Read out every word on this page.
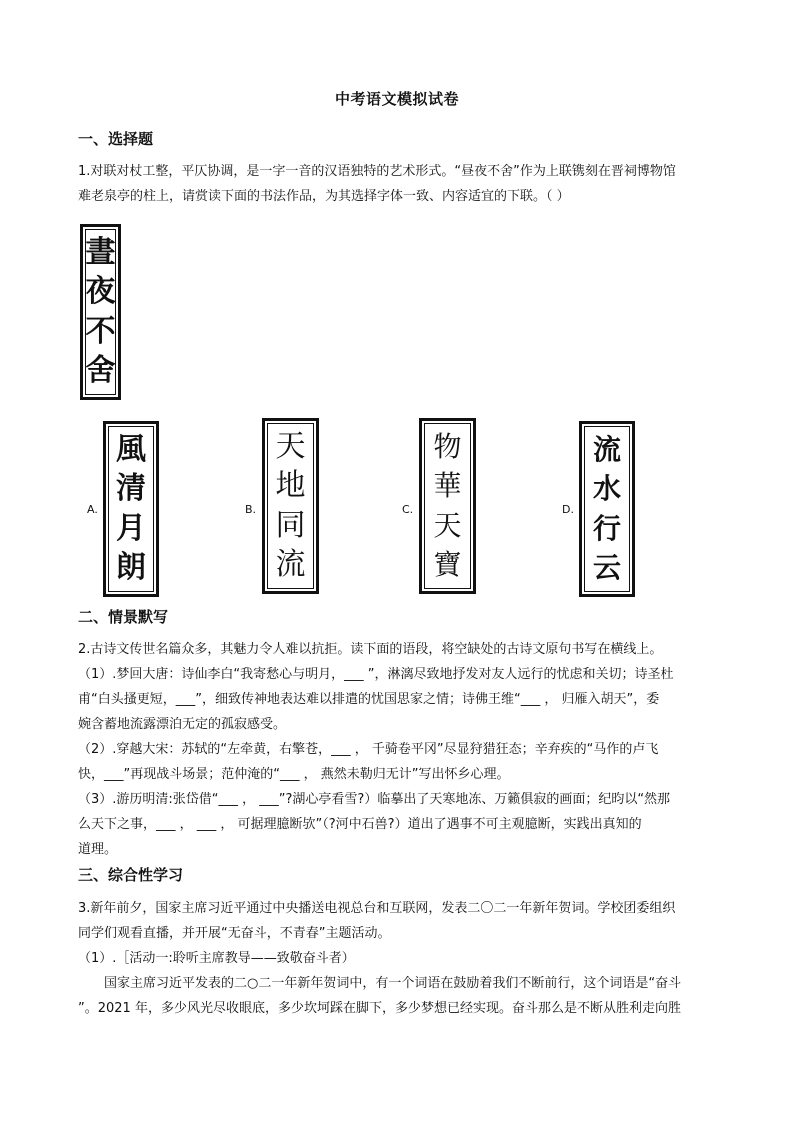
中考语文模拟试卷
一、选择题
1.对联对杖工整，平仄协调，是一字一音的汉语独特的艺术形式。“昼夜不舍”作为上联镌刻在晋祠博物馆
难老泉亭的柱上，请赏读下面的书法作品，为其选择字体一致、内容适宜的下联。（ ）
晝
夜
不
舍
A.
風
清
月
朗
B.
天
地
同
流
C.
物
華
天
寶
D.
流
水
行
云
二、情景默写
2.古诗文传世名篇众多，其魅力令人难以抗拒。读下面的语段，将空缺处的古诗文原句书写在横线上。
（1）.梦回大唐：诗仙李白“我寄愁心与明月，___ ”，淋漓尽致地抒发对友人远行的忧虑和关切；诗圣杜
甫“白头搔更短，___”，细致传神地表达难以排遣的忧国思家之情；诗佛王维“___ ， 归雁入胡天”，委
婉含蓄地流露漂泊无定的孤寂感受。
（2）.穿越大宋：苏轼的“左牵黄，右擎苍，___ ， 千骑卷平冈”尽显狩猎狂态；辛弃疾的“马作的卢飞
快，___”再现战斗场景；范仲淹的“___ ， 燕然未勒归无计”写出怀乡心理。
（3）.游历明清:张岱借“___ ， ___”?湖心亭看雪?）临摹出了天寒地冻、万籁俱寂的画面；纪昀以“然那
么天下之事，___ ， ___ ， 可据理臆断欤”（?河中石兽?）道出了遇事不可主观臆断，实践出真知的
道理。
三、综合性学习
3.新年前夕，国家主席习近平通过中央播送电视总台和互联网，发表二〇二一年新年贺词。学校团委组织
同学们观看直播，并开展“无奋斗，不青春”主题活动。
（1）.［活动一:聆听主席教导——致敬奋斗者）
国家主席习近平发表的二○二一年新年贺词中，有一个词语在鼓励着我们不断前行，这个词语是“奋斗
”。2021 年，多少风光尽收眼底，多少坎坷踩在脚下，多少梦想已经实现。奋斗那么是不断从胜利走向胜
